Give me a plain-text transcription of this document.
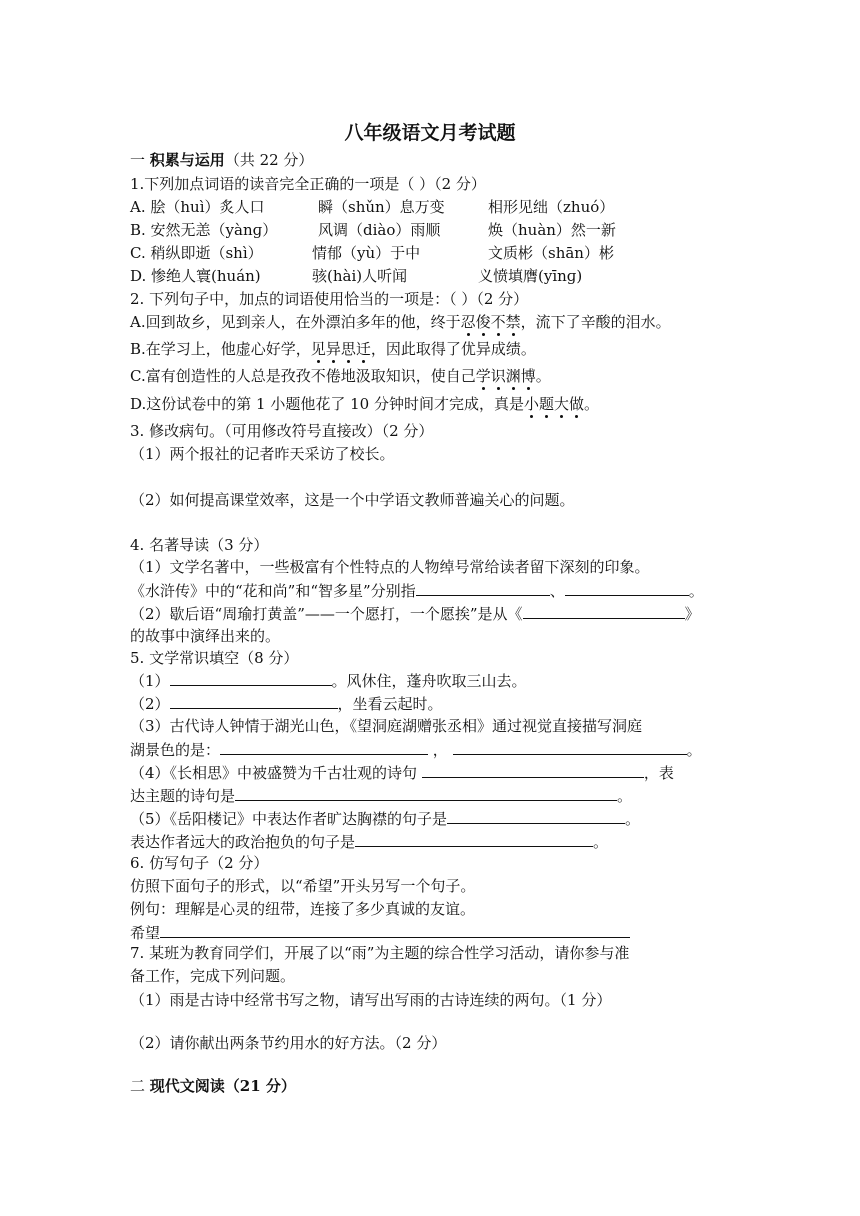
八年级语文月考试题
一 积累与运用（共 22 分）
1.下列加点词语的读音完全正确的一项是（ ）（2 分）
A. 脍（huì）炙人口	瞬（shǔn）息万变	相形见绌（zhuó）
B. 安然无恙（yànɡ）	风调（diào）雨顺	焕（huàn）然一新
C. 稍纵即逝（shì）	情郁（yù）于中	文质彬（shān）彬
D. 惨绝人寰(huán)	骇(hài)人听闻	义愤填膺(yīnɡ)
2. 下列句子中，加点的词语使用恰当的一项是：（ ）（2 分）
A.回到故乡，见到亲人，在外漂泊多年的他，终于忍俊不禁，流下了辛酸的泪水。
B.在学习上，他虚心好学，见异思迁，因此取得了优异成绩。
C.富有创造性的人总是孜孜不倦地汲取知识，使自己学识渊博。
D.这份试卷中的第 1 小题他花了 10 分钟时间才完成，真是小题大做。
3. 修改病句。（可用修改符号直接改）（2 分）
（1）两个报社的记者昨天采访了校长。
（2）如何提高课堂效率，这是一个中学语文教师普遍关心的问题。
4. 名著导读（3 分）
（1）文学名著中，一些极富有个性特点的人物绰号常给读者留下深刻的印象。
《水浒传》中的“花和尚”和“智多星”分别指	、	。
（2）歇后语“周瑜打黄盖”——一个愿打，一个愿挨”是从《	》
的故事中演绎出来的。
5. 文学常识填空（8 分）
（1）	。风休住，蓬舟吹取三山去。
（2）	，坐看云起时。
（3）古代诗人钟情于湖光山色，《望洞庭湖赠张丞相》通过视觉直接描写洞庭
湖景色的是：	，	。
（4）《长相思》中被盛赞为千古壮观的诗句	，表
达主题的诗句是	。
（5）《岳阳楼记》中表达作者旷达胸襟的句子是	。
表达作者远大的政治抱负的句子是	。
6. 仿写句子（2 分）
仿照下面句子的形式，以“希望”开头另写一个句子。
例句：理解是心灵的纽带，连接了多少真诚的友谊。
希望
7. 某班为教育同学们，开展了以“雨”为主题的综合性学习活动，请你参与准
备工作，完成下列问题。
（1）雨是古诗中经常书写之物，请写出写雨的古诗连续的两句。（1 分）
（2）请你献出两条节约用水的好方法。（2 分）
二 现代文阅读（21 分）
